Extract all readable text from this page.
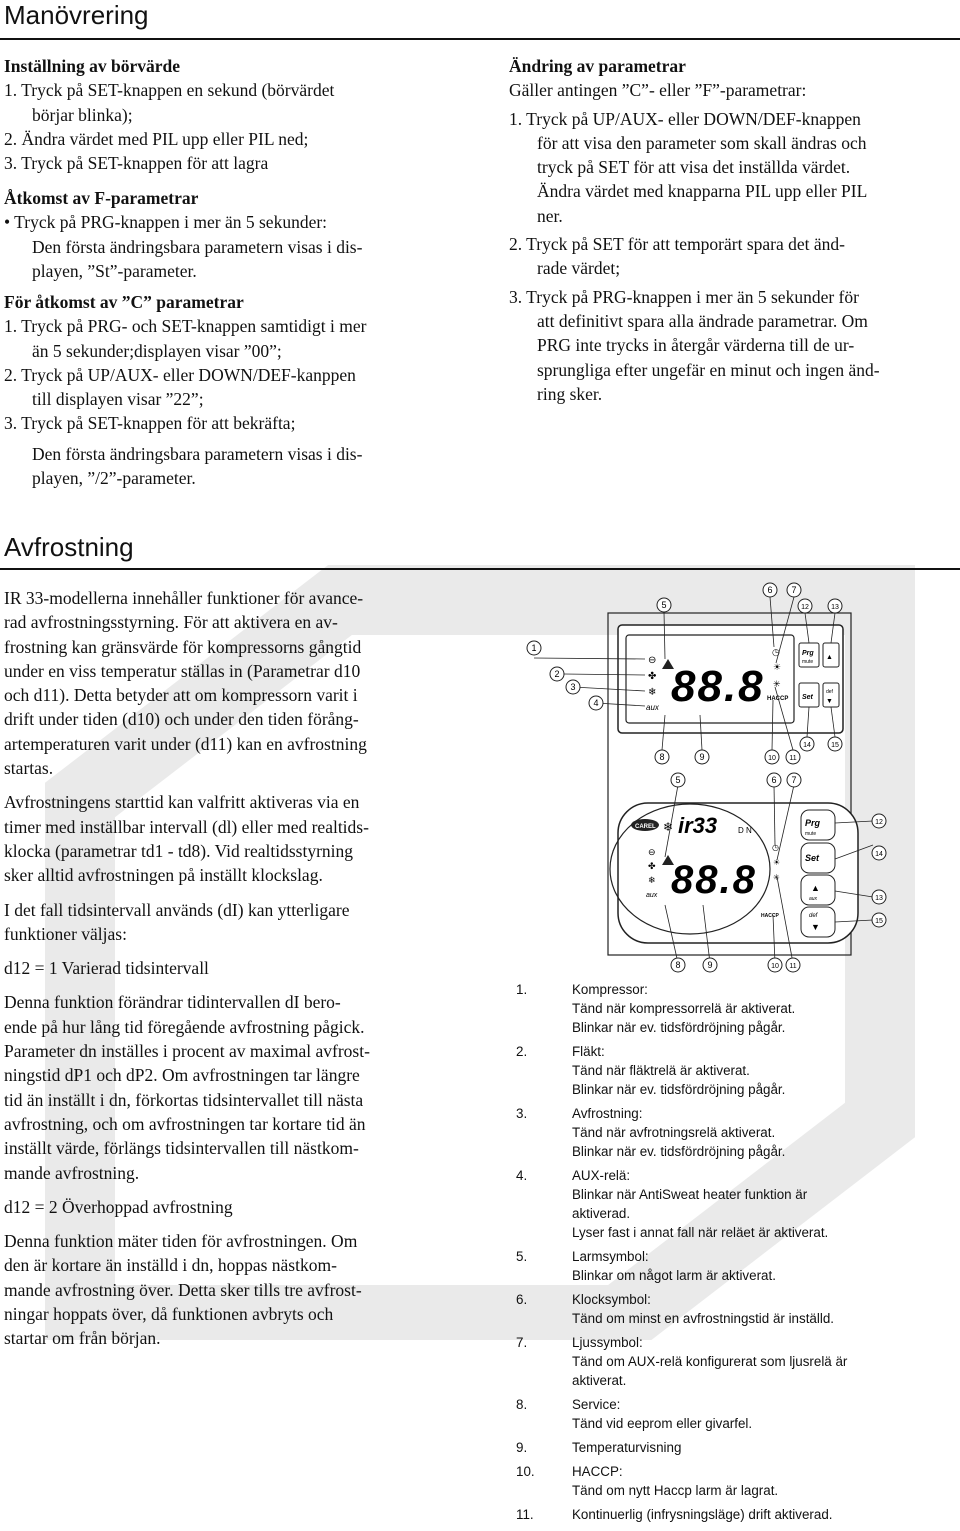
Manövrering
Inställning av börvärde
1. Tryck på SET-knappen en sekund (börvärdet
börjar blinka);
2. Ändra värdet med PIL upp eller PIL ned;
3. Tryck på SET-knappen för att lagra
Åtkomst av F-parametrar
• Tryck på PRG-knappen i mer än 5 sekunder:
Den första ändringsbara parametern visas i dis-
playen, ”St”-parameter.
För åtkomst av ”C” parametrar
1. Tryck på PRG- och SET-knappen samtidigt i mer
än 5 sekunder;displayen visar ”00”;
2. Tryck på UP/AUX- eller DOWN/DEF-kanppen
till displayen visar ”22”;
3. Tryck på SET-knappen för att bekräfta;
Den första ändringsbara parametern visas i dis-
playen, ”/2”-parameter.
Ändring av parametrar
Gäller antingen ”C”- eller ”F”-parametrar:
1. Tryck på UP/AUX- eller DOWN/DEF-knappen
för att visa den parameter som skall ändras och
tryck på SET för att visa det inställda värdet.
Ändra värdet med knapparna PIL upp eller PIL
ner.
2. Tryck på SET för att temporärt spara det änd-
rade värdet;
3. Tryck på PRG-knappen i mer än 5 sekunder för
att definitivt spara alla ändrade parametrar. Om
PRG inte trycks in återgår värderna till de ur-
sprungliga efter ungefär en minut och ingen änd-
ring sker.
Avfrostning
IR 33-modellerna innehåller funktioner för avance-
rad avfrostningsstyrning. För att aktivera en av-
frostning kan gränsvärde för kompressorns gångtid
under en viss temperatur ställas in (Parametrar d10
och d11). Detta betyder att om kompressorn varit i
drift under tiden (d10) och under den tiden förång-
artemperaturen varit under (d11) kan en avfrostning
startas.
Avfrostningens starttid kan valfritt aktiveras via en
timer med inställbar intervall (dl) eller med realtids-
klocka (parametrar td1 - td8). Vid realtidsstyrning
sker alltid avfrostningen på inställt klockslag.
I det fall tidsintervall används (dI) kan ytterligare
funktioner väljas:
d12 = 1 Varierad tidsintervall
Denna funktion förändrar tidintervallen dI bero-
ende på hur lång tid föregående avfrostning pågick.
Parameter dn inställes i procent av maximal avfrost-
ningstid dP1 och dP2. Om avfrostningen tar längre
tid än inställt i dn, förkortas tidsintervallet till nästa
avfrostning, och om avfrostningen tar kortare tid än
inställt värde, förlängs tidsintervallen till nästkom-
mande avfrostning.
d12 = 2 Överhoppad avfrostning
Denna funktion mäter tiden för avfrostningen. Om
den är kortare än inställd i dn, hoppas nästkom-
mande avfrostning över. Detta sker tills tre avfrost-
ningar hoppats över, då funktionen avbryts och
startar om från början.
⊖
✤
❄
aux 88.8
◷
☀
✳
HACCP
Prg
mute
▲
Set
def
▼
CAREL ❄ ir33	D N
⊖
✤
❄
aux 88.8
◷
☀
✳
HACCP
Prg
mute
Set
▲
aux
def
▼
1
2
3
4
5
6 7
8	9	10 11
12	13
14	15
5	6 7
12
14
13
15
8	9	10 11
1.	Kompressor:
Tänd när kompressorrelä är aktiverat.
Blinkar när ev. tidsfördröjning pågår.
2.	Fläkt:
Tänd när fläktrelä är aktiverat.
Blinkar när ev. tidsfördröjning pågår.
3.	Avfrostning:
Tänd när avfrotningsrelä aktiverat.
Blinkar när ev. tidsfördröjning pågår.
4.	AUX-relä:
Blinkar när AntiSweat heater funktion är
aktiverad.
Lyser fast i annat fall när reläet är aktiverat.
5.	Larmsymbol:
Blinkar om något larm är aktiverat.
6.	Klocksymbol:
Tänd om minst en avfrostningstid är inställd.
7.	Ljussymbol:
Tänd om AUX-relä konfigurerat som ljusrelä är
aktiverat.
8.	Service:
Tänd vid eeprom eller givarfel.
9.	Temperaturvisning
10.	HACCP:
Tänd om nytt Haccp larm är lagrat.
11.	Kontinuerlig (infrysningsläge) drift aktiverad.
